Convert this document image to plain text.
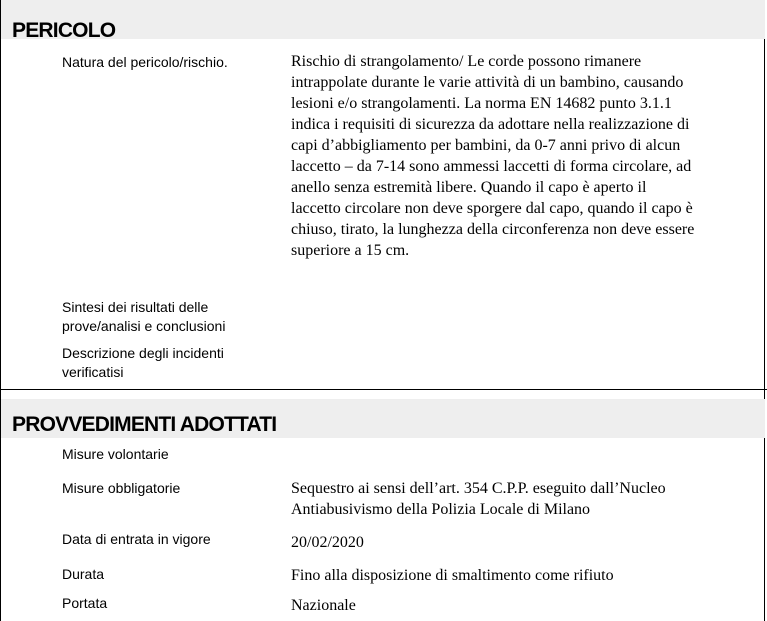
PERICOLO
Natura del pericolo/rischio.	Rischio di strangolamento/ Le corde possono rimanere
intrappolate durante le varie attività di un bambino, causando
lesioni e/o strangolamenti. La norma EN 14682 punto 3.1.1
indica i requisiti di sicurezza da adottare nella realizzazione di
capi d’abbigliamento per bambini, da 0-7 anni privo di alcun
laccetto – da 7-14 sono ammessi laccetti di forma circolare, ad
anello senza estremità libere. Quando il capo è aperto il
laccetto circolare non deve sporgere dal capo, quando il capo è
chiuso, tirato, la lunghezza della circonferenza non deve essere
superiore a 15 cm.
Sintesi dei risultati delle
prove/analisi e conclusioni
Descrizione degli incidenti
verificatisi
PROVVEDIMENTI ADOTTATI
Misure volontarie
Misure obbligatorie	Sequestro ai sensi dell’art. 354 C.P.P. eseguito dall’Nucleo
Antiabusivismo della Polizia Locale di Milano
Data di entrata in vigore	20/02/2020
Durata	Fino alla disposizione di smaltimento come rifiuto
Portata	Nazionale
